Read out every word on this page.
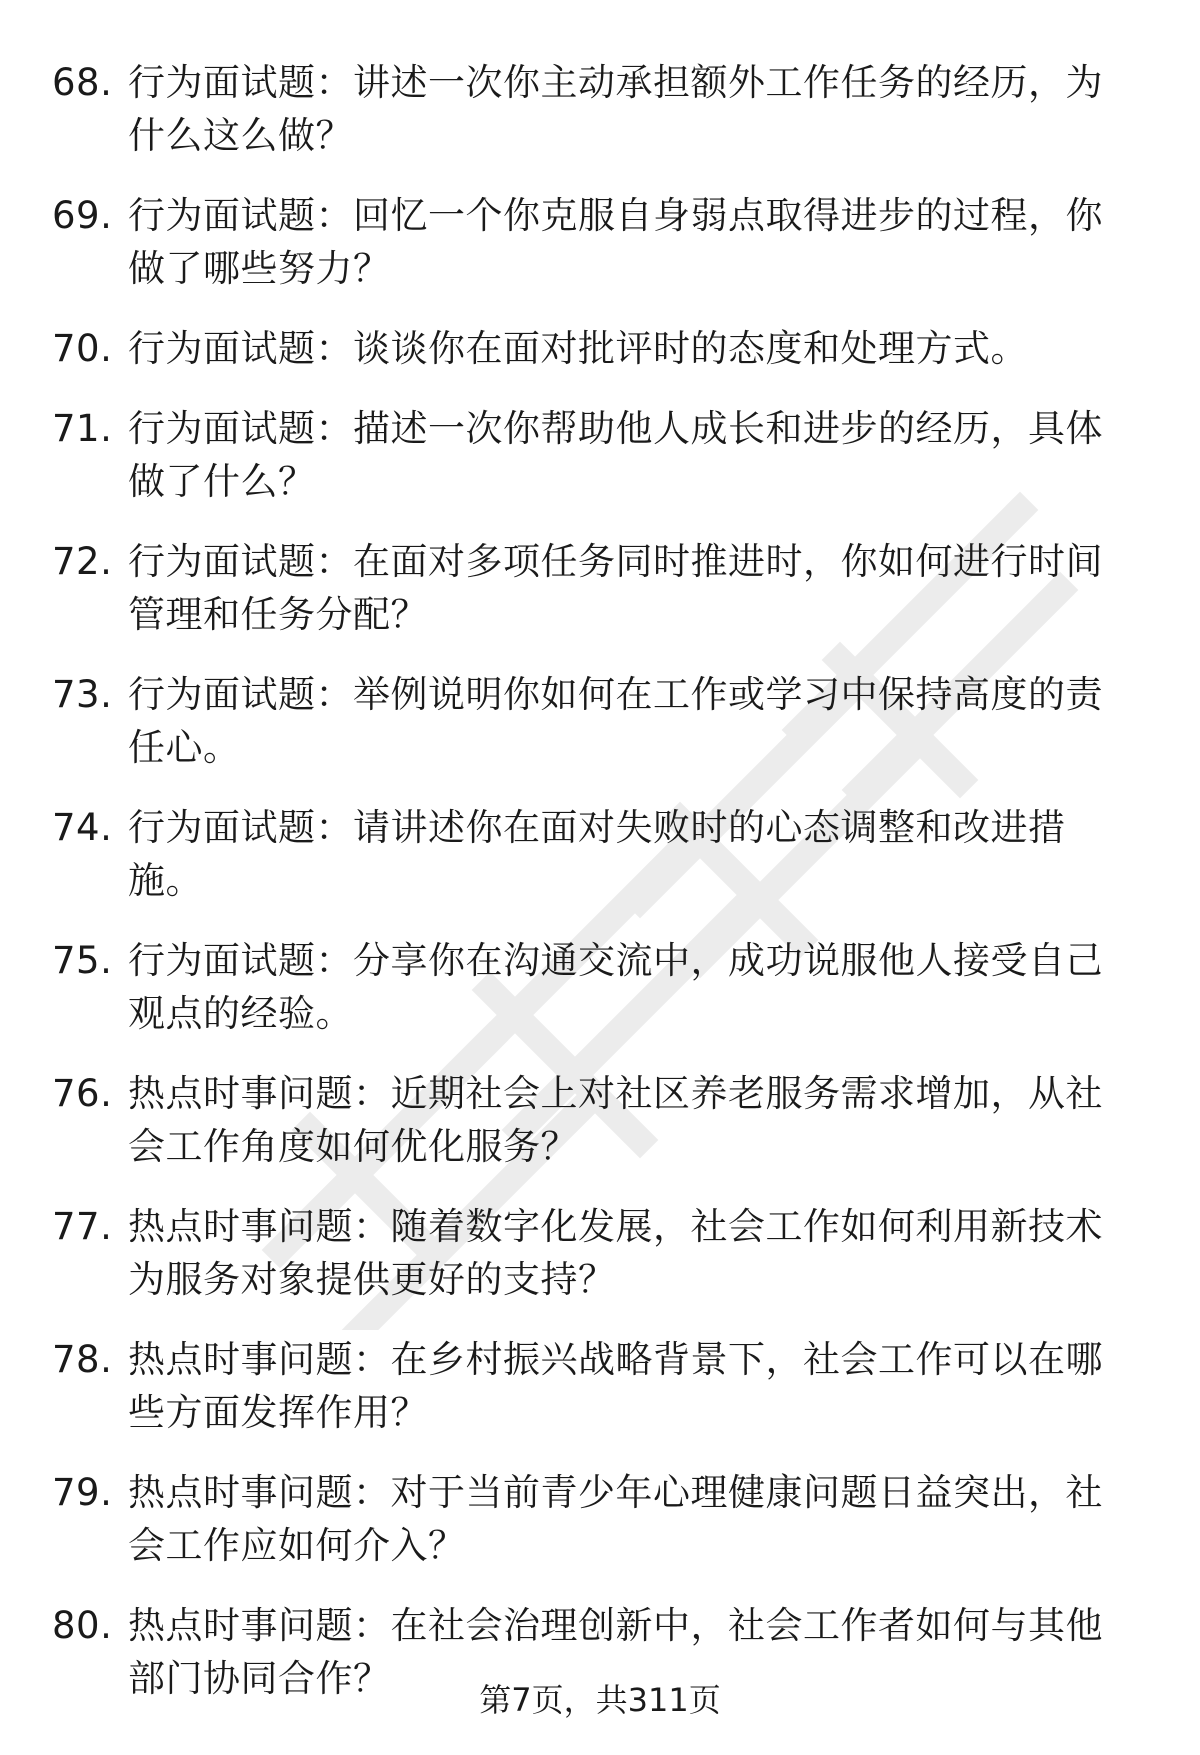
68. 行为面试题：讲述一次你主动承担额外工作任务的经历，为什么这么做？
69. 行为面试题：回忆一个你克服自身弱点取得进步的过程，你做了哪些努力？
70. 行为面试题：谈谈你在面对批评时的态度和处理方式。
71. 行为面试题：描述一次你帮助他人成长和进步的经历，具体做了什么？
72. 行为面试题：在面对多项任务同时推进时，你如何进行时间管理和任务分配？
73. 行为面试题：举例说明你如何在工作或学习中保持高度的责任心。
74. 行为面试题：请讲述你在面对失败时的心态调整和改进措施。
75. 行为面试题：分享你在沟通交流中，成功说服他人接受自己观点的经验。
76. 热点时事问题：近期社会上对社区养老服务需求增加，从社会工作角度如何优化服务？
77. 热点时事问题：随着数字化发展，社会工作如何利用新技术为服务对象提供更好的支持？
78. 热点时事问题：在乡村振兴战略背景下，社会工作可以在哪些方面发挥作用？
79. 热点时事问题：对于当前青少年心理健康问题日益突出，社会工作应如何介入？
80. 热点时事问题：在社会治理创新中，社会工作者如何与其他部门协同合作？	第7页，共311页
